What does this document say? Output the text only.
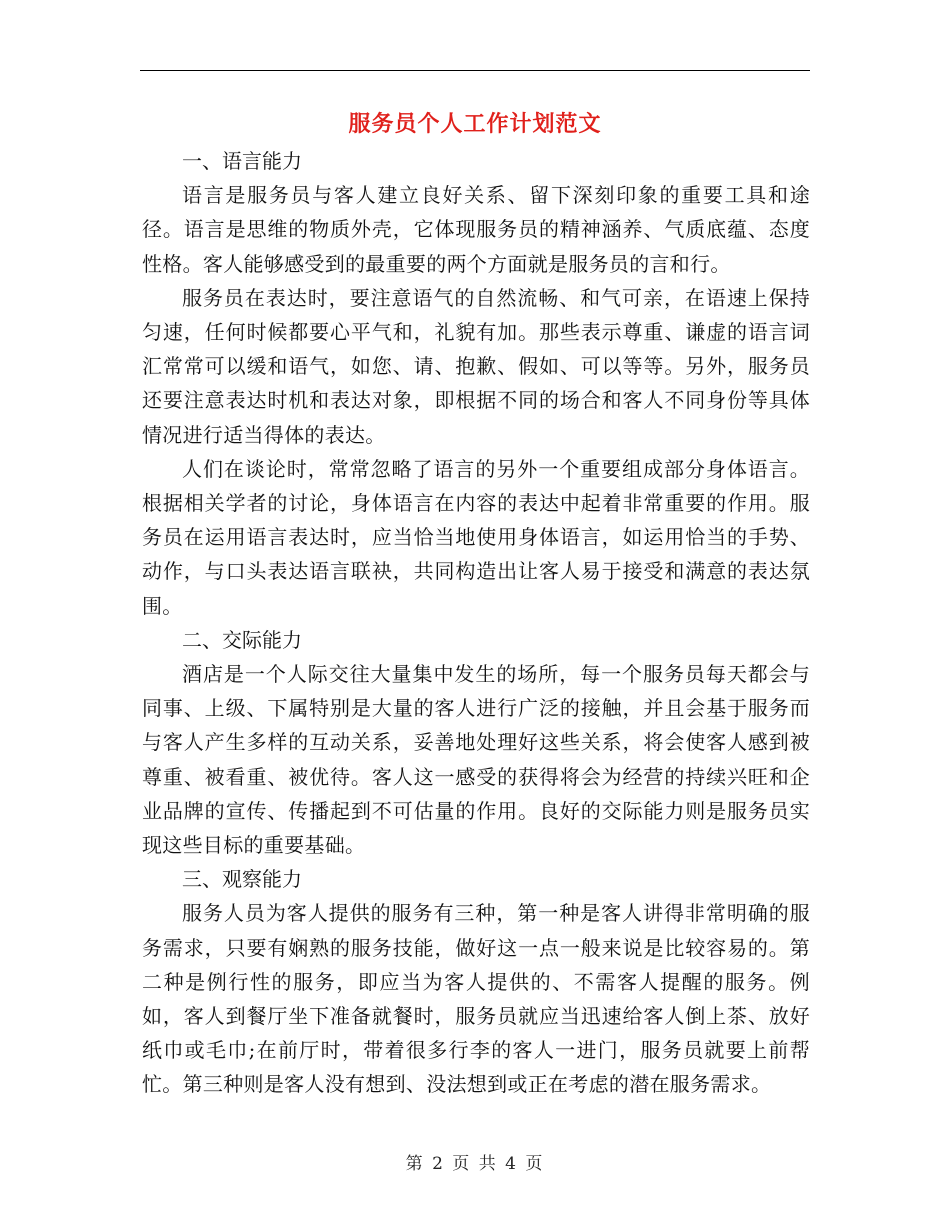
服务员个人工作计划范文

一、语言能力

语言是服务员与客人建立良好关系、留下深刻印象的重要工具和途径。语言是思维的物质外壳，它体现服务员的精神涵养、气质底蕴、态度性格。客人能够感受到的最重要的两个方面就是服务员的言和行。

服务员在表达时，要注意语气的自然流畅、和气可亲，在语速上保持匀速，任何时候都要心平气和，礼貌有加。那些表示尊重、谦虚的语言词汇常常可以缓和语气，如您、请、抱歉、假如、可以等等。另外，服务员还要注意表达时机和表达对象，即根据不同的场合和客人不同身份等具体情况进行适当得体的表达。

人们在谈论时，常常忽略了语言的另外一个重要组成部分身体语言。根据相关学者的讨论，身体语言在内容的表达中起着非常重要的作用。服务员在运用语言表达时，应当恰当地使用身体语言，如运用恰当的手势、动作，与口头表达语言联袂，共同构造出让客人易于接受和满意的表达氛围。

二、交际能力

酒店是一个人际交往大量集中发生的场所，每一个服务员每天都会与同事、上级、下属特别是大量的客人进行广泛的接触，并且会基于服务而与客人产生多样的互动关系，妥善地处理好这些关系，将会使客人感到被尊重、被看重、被优待。客人这一感受的获得将会为经营的持续兴旺和企业品牌的宣传、传播起到不可估量的作用。良好的交际能力则是服务员实现这些目标的重要基础。

三、观察能力

服务人员为客人提供的服务有三种，第一种是客人讲得非常明确的服务需求，只要有娴熟的服务技能，做好这一点一般来说是比较容易的。第二种是例行性的服务，即应当为客人提供的、不需客人提醒的服务。例如，客人到餐厅坐下准备就餐时，服务员就应当迅速给客人倒上茶、放好纸巾或毛巾;在前厅时，带着很多行李的客人一进门，服务员就要上前帮忙。第三种则是客人没有想到、没法想到或正在考虑的潜在服务需求。

第 2 页 共 4 页
